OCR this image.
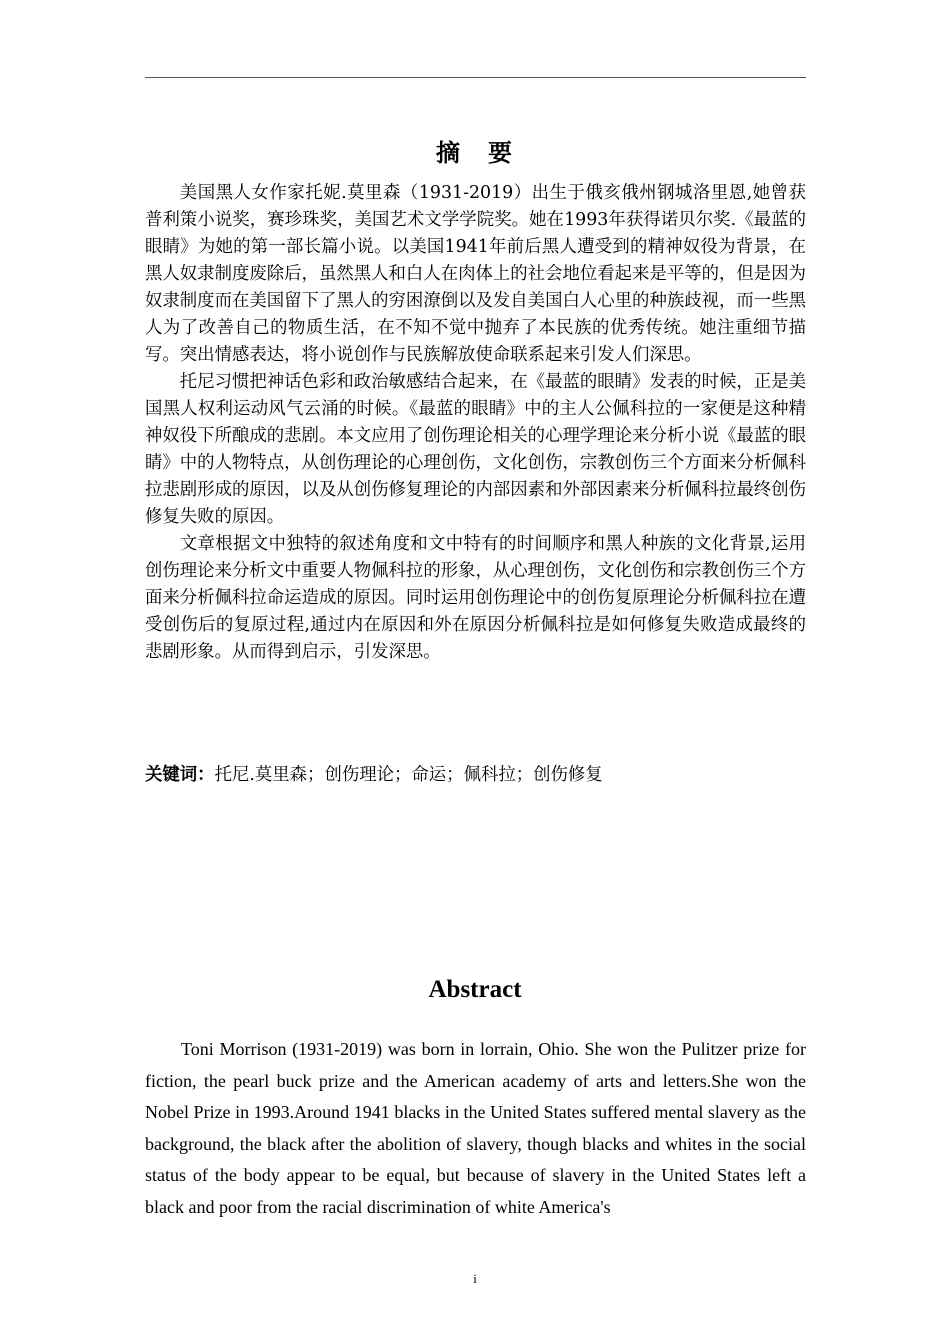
摘　要

美国黑人女作家托妮.莫里森（1931-2019）出生于俄亥俄州钢城洛里恩,她曾获普利策小说奖，赛珍珠奖，美国艺术文学学院奖。她在1993年获得诺贝尔奖.《最蓝的眼睛》为她的第一部长篇小说。以美国1941年前后黑人遭受到的精神奴役为背景，在黑人奴隶制度废除后，虽然黑人和白人在肉体上的社会地位看起来是平等的，但是因为奴隶制度而在美国留下了黑人的穷困潦倒以及发自美国白人心里的种族歧视，而一些黑人为了改善自己的物质生活，在不知不觉中抛弃了本民族的优秀传统。她注重细节描写。突出情感表达，将小说创作与民族解放使命联系起来引发人们深思。

托尼习惯把神话色彩和政治敏感结合起来，在《最蓝的眼睛》发表的时候，正是美国黑人权利运动风气云涌的时候。《最蓝的眼睛》中的主人公佩科拉的一家便是这种精神奴役下所酿成的悲剧。本文应用了创伤理论相关的心理学理论来分析小说《最蓝的眼睛》中的人物特点，从创伤理论的心理创伤，文化创伤，宗教创伤三个方面来分析佩科拉悲剧形成的原因，以及从创伤修复理论的内部因素和外部因素来分析佩科拉最终创伤修复失败的原因。

文章根据文中独特的叙述角度和文中特有的时间顺序和黑人种族的文化背景,运用创伤理论来分析文中重要人物佩科拉的形象，从心理创伤，文化创伤和宗教创伤三个方面来分析佩科拉命运造成的原因。同时运用创伤理论中的创伤复原理论分析佩科拉在遭受创伤后的复原过程,通过内在原因和外在原因分析佩科拉是如何修复失败造成最终的悲剧形象。从而得到启示，引发深思。

关键词：托尼.莫里森；创伤理论；命运；佩科拉；创伤修复
Abstract

Toni Morrison (1931-2019) was born in lorrain, Ohio. She won the Pulitzer prize for fiction, the pearl buck prize and the American academy of arts and letters.She won the Nobel Prize in 1993.Around 1941 blacks in the United States suffered mental slavery as the background, the black after the abolition of slavery, though blacks and whites in the social status of the body appear to be equal, but because of slavery in the United States left a black and poor from the racial discrimination of white America's

i
